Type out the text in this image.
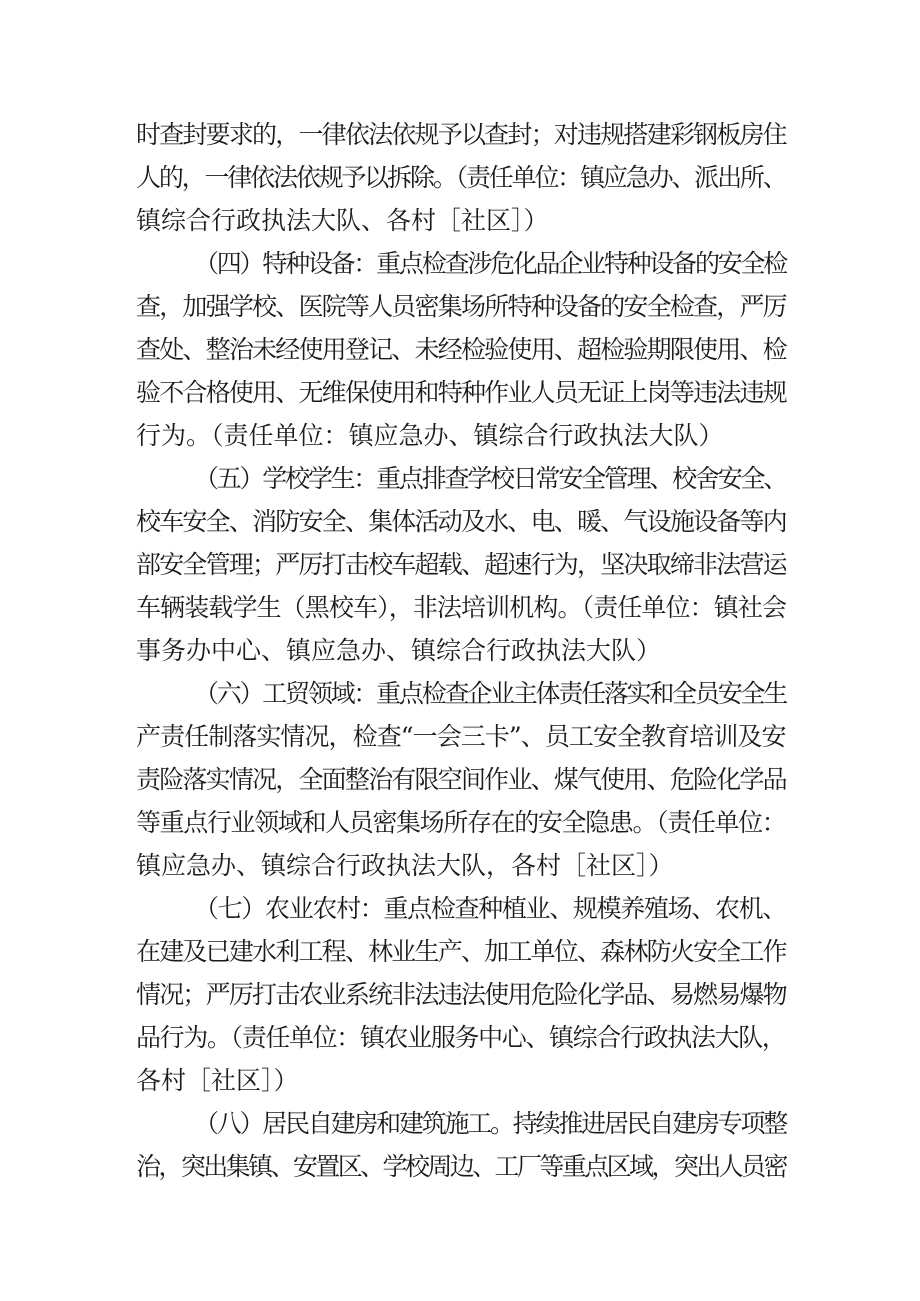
时查封要求的，一律依法依规予以查封；对违规搭建彩钢板房住
人的，一律依法依规予以拆除。（责任单位：镇应急办、派出所、
镇综合行政执法大队、各村［社区］）
（四）特种设备：重点检查涉危化品企业特种设备的安全检
查，加强学校、医院等人员密集场所特种设备的安全检查，严厉
查处、整治未经使用登记、未经检验使用、超检验期限使用、检
验不合格使用、无维保使用和特种作业人员无证上岗等违法违规
行为。（责任单位：镇应急办、镇综合行政执法大队）
（五）学校学生：重点排查学校日常安全管理、校舍安全、
校车安全、消防安全、集体活动及水、电、暖、气设施设备等内
部安全管理；严厉打击校车超载、超速行为，坚决取缔非法营运
车辆装载学生（黑校车），非法培训机构。（责任单位：镇社会
事务办中心、镇应急办、镇综合行政执法大队）
（六）工贸领域：重点检查企业主体责任落实和全员安全生
产责任制落实情况，检查“一会三卡”、员工安全教育培训及安
责险落实情况，全面整治有限空间作业、煤气使用、危险化学品
等重点行业领域和人员密集场所存在的安全隐患。（责任单位：
镇应急办、镇综合行政执法大队，各村［社区］）
（七）农业农村：重点检查种植业、规模养殖场、农机、
在建及已建水利工程、林业生产、加工单位、森林防火安全工作
情况；严厉打击农业系统非法违法使用危险化学品、易燃易爆物
品行为。（责任单位：镇农业服务中心、镇综合行政执法大队，
各村［社区］）
（八）居民自建房和建筑施工。持续推进居民自建房专项整
治，突出集镇、安置区、学校周边、工厂等重点区域，突出人员密
